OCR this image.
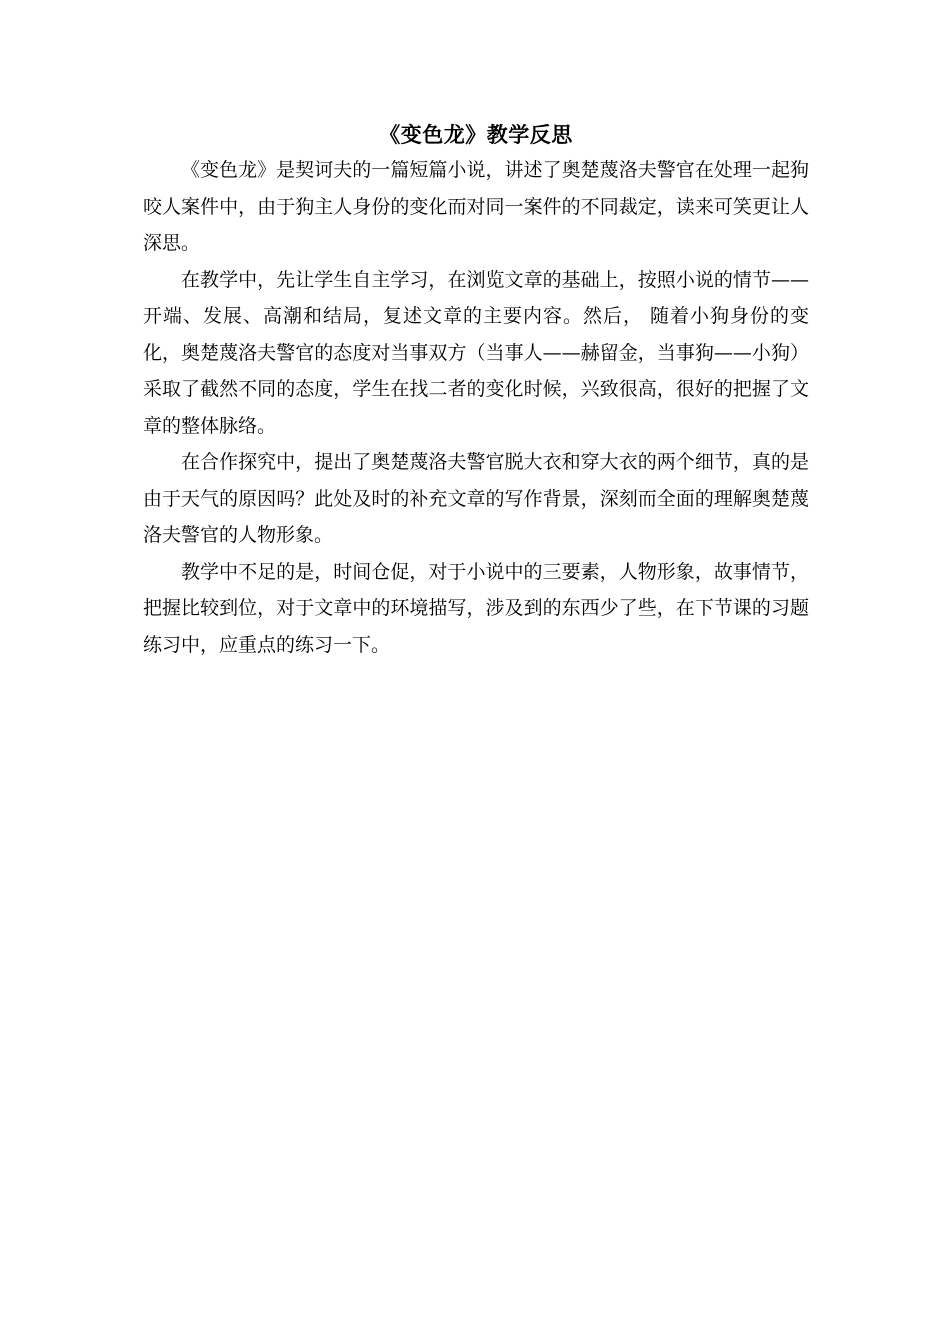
《变色龙》教学反思

《变色龙》是契诃夫的一篇短篇小说，讲述了奥楚蔑洛夫警官在处理一起狗咬人案件中，由于狗主人身份的变化而对同一案件的不同裁定，读来可笑更让人深思。

在教学中，先让学生自主学习，在浏览文章的基础上，按照小说的情节——开端、发展、高潮和结局，复述文章的主要内容。然后， 随着小狗身份的变化，奥楚蔑洛夫警官的态度对当事双方（当事人——赫留金，当事狗——小狗）采取了截然不同的态度，学生在找二者的变化时候，兴致很高，很好的把握了文章的整体脉络。

在合作探究中，提出了奥楚蔑洛夫警官脱大衣和穿大衣的两个细节，真的是由于天气的原因吗？此处及时的补充文章的写作背景，深刻而全面的理解奥楚蔑洛夫警官的人物形象。

教学中不足的是，时间仓促，对于小说中的三要素，人物形象，故事情节，把握比较到位，对于文章中的环境描写，涉及到的东西少了些，在下节课的习题练习中，应重点的练习一下。
